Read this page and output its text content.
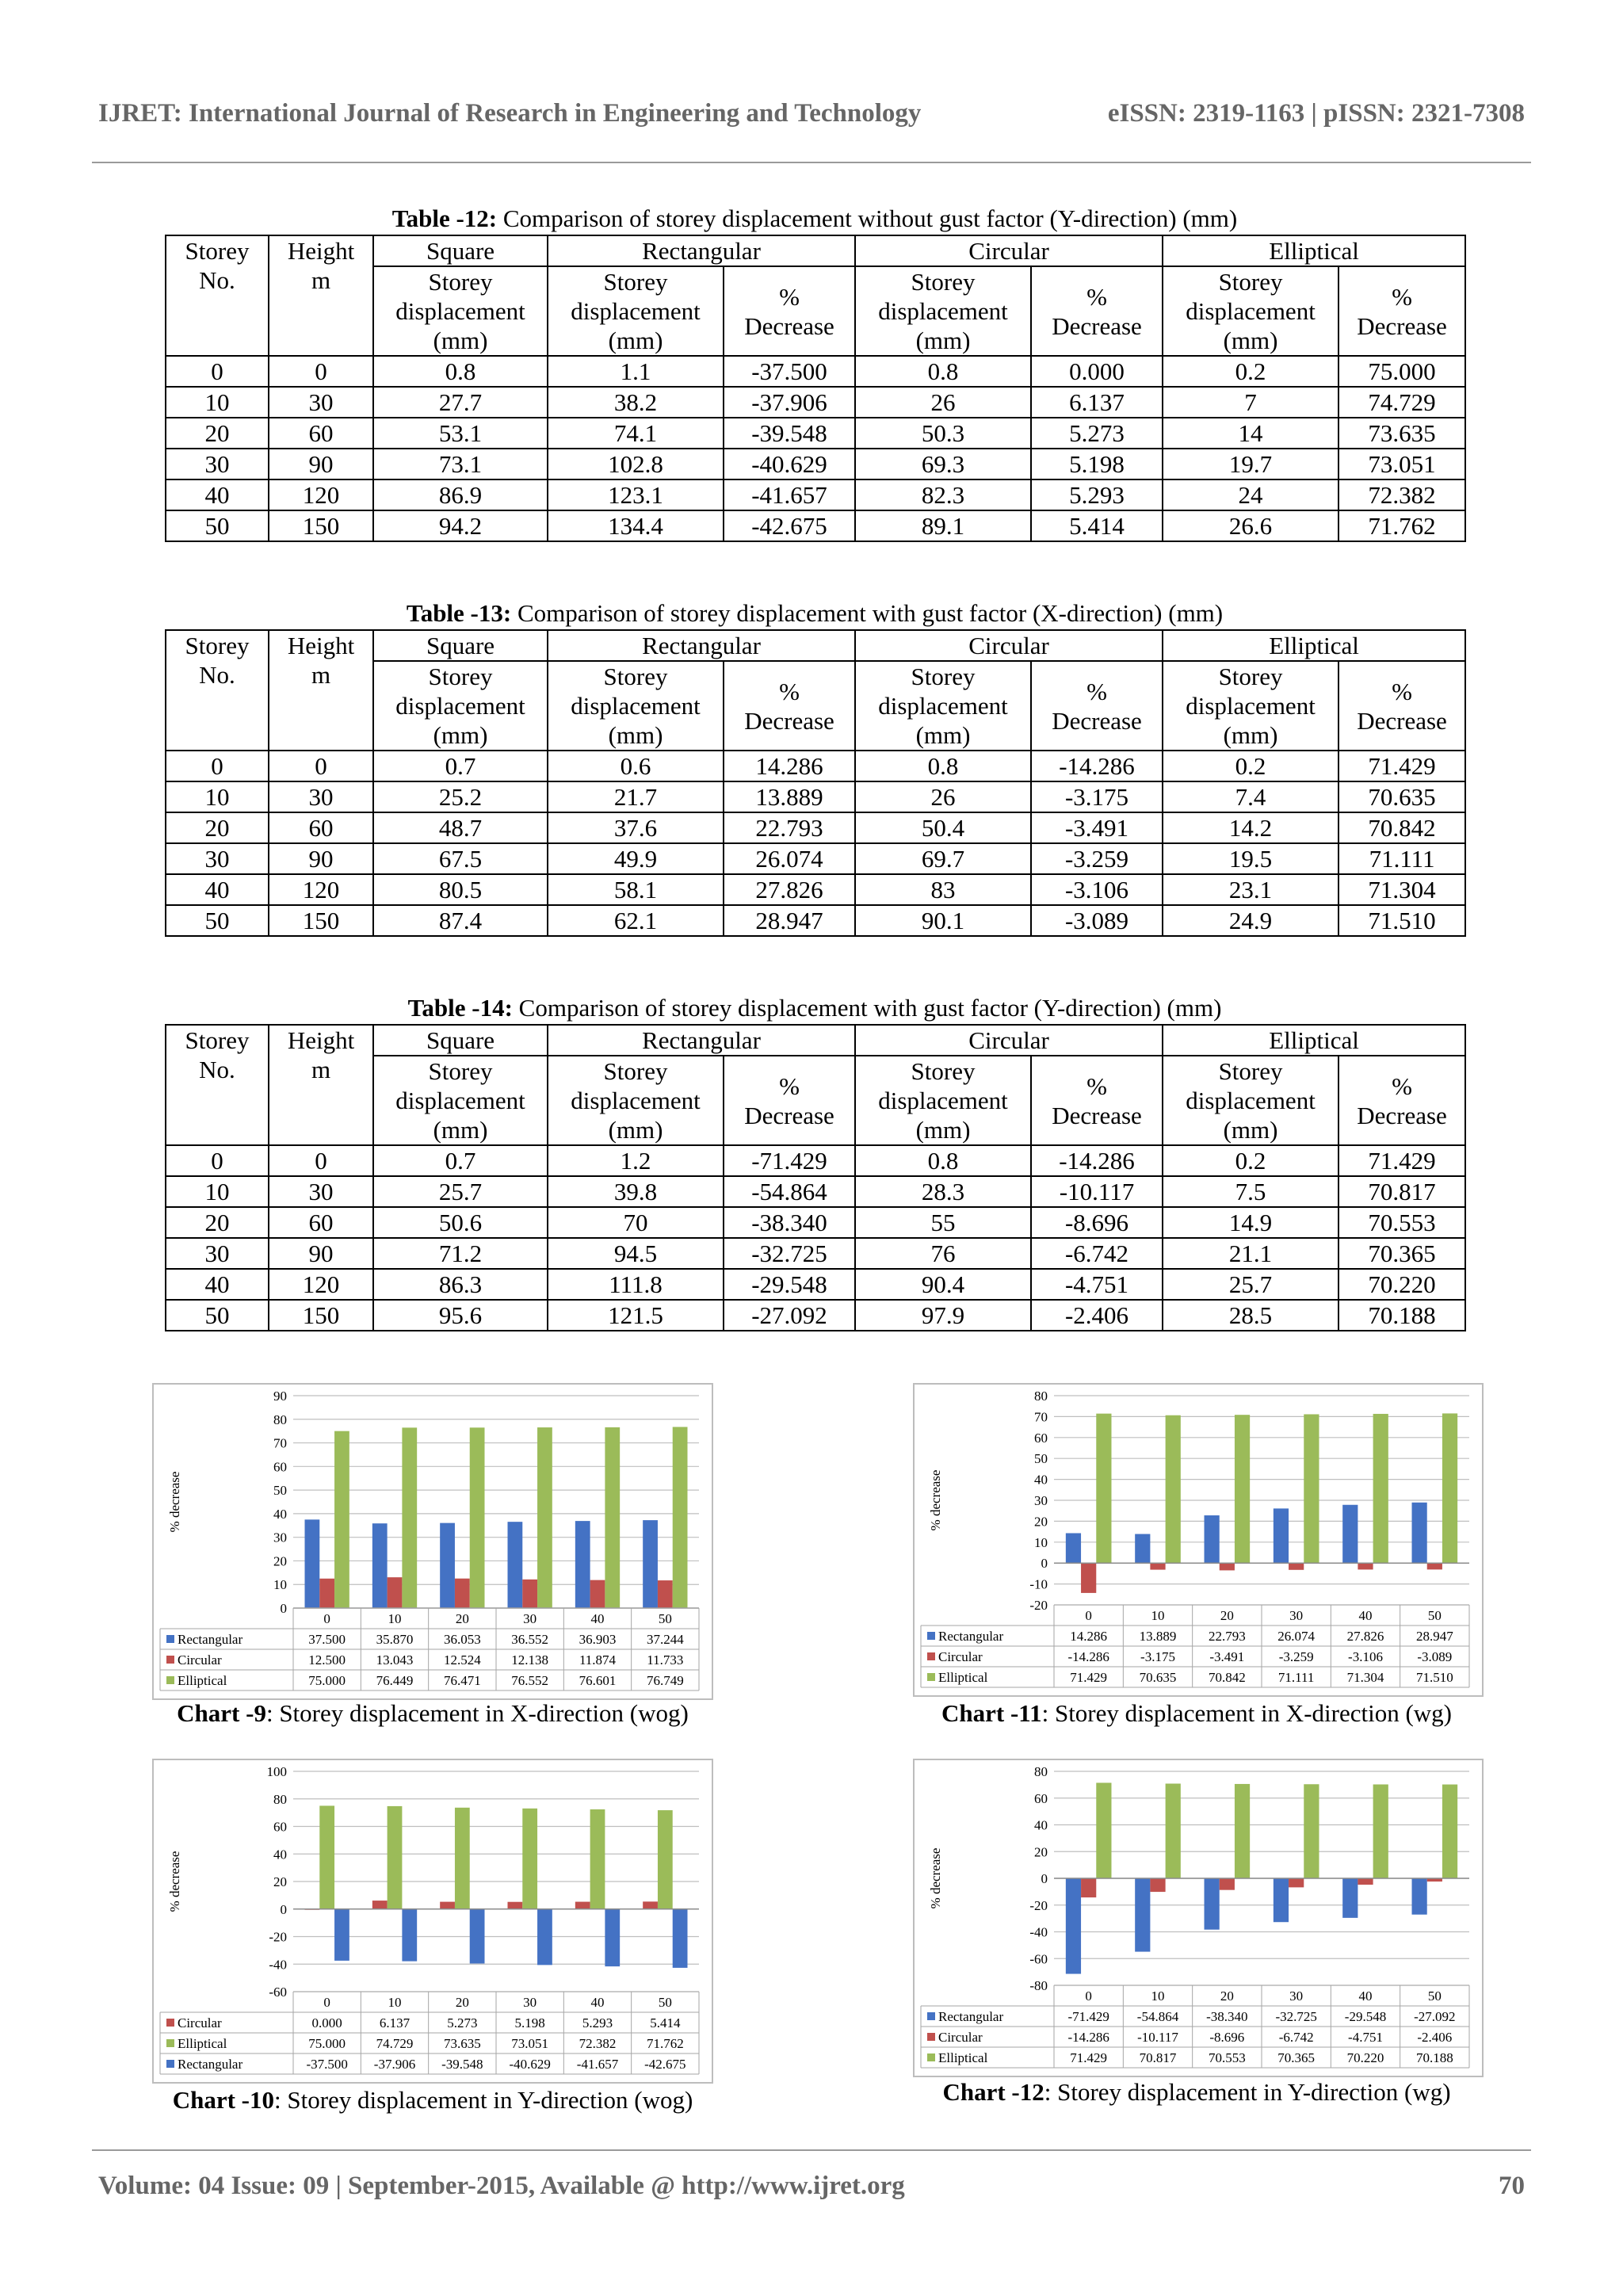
IJRET: International Journal of Research in Engineering and Technology	eISSN: 2319-1163 | pISSN: 2321-7308
Table -12: Comparison of storey displacement without gust factor (Y-direction) (mm)
Storey
No.	Height
m	Square	Rectangular		Circular		Elliptical	
		Storey
displacement
(mm)	Storey
displacement
(mm)	%
Decrease	Storey
displacement
(mm)	%
Decrease	Storey
displacement
(mm)	%
Decrease
0	0	0.8	1.1	-37.500	0.8	0.000	0.2	75.000
10	30	27.7	38.2	-37.906	26	6.137	7	74.729
20	60	53.1	74.1	-39.548	50.3	5.273	14	73.635
30	90	73.1	102.8	-40.629	69.3	5.198	19.7	73.051
40	120	86.9	123.1	-41.657	82.3	5.293	24	72.382
50	150	94.2	134.4	-42.675	89.1	5.414	26.6	71.762
Table -13: Comparison of storey displacement with gust factor (X-direction) (mm)
Storey
No.	Height
m	Square	Rectangular		Circular		Elliptical	
		Storey
displacement
(mm)	Storey
displacement
(mm)	%
Decrease	Storey
displacement
(mm)	%
Decrease	Storey
displacement
(mm)	%
Decrease
0	0	0.7	0.6	14.286	0.8	-14.286	0.2	71.429
10	30	25.2	21.7	13.889	26	-3.175	7.4	70.635
20	60	48.7	37.6	22.793	50.4	-3.491	14.2	70.842
30	90	67.5	49.9	26.074	69.7	-3.259	19.5	71.111
40	120	80.5	58.1	27.826	83	-3.106	23.1	71.304
50	150	87.4	62.1	28.947	90.1	-3.089	24.9	71.510
Table -14: Comparison of storey displacement with gust factor (Y-direction) (mm)
Storey
No.	Height
m	Square	Rectangular		Circular		Elliptical	
		Storey
displacement
(mm)	Storey
displacement
(mm)	%
Decrease	Storey
displacement
(mm)	%
Decrease	Storey
displacement
(mm)	%
Decrease
0	0	0.7	1.2	-71.429	0.8	-14.286	0.2	71.429
10	30	25.7	39.8	-54.864	28.3	-10.117	7.5	70.817
20	60	50.6	70	-38.340	55	-8.696	14.9	70.553
30	90	71.2	94.5	-32.725	76	-6.742	21.1	70.365
40	120	86.3	111.8	-29.548	90.4	-4.751	25.7	70.220
50	150	95.6	121.5	-27.092	97.9	-2.406	28.5	70.188
% decrease
0
10
20
30
40
50
60
70
80
90
0	10	20	30	40	50
Rectangular	37.500 35.870 36.053 36.552 36.903 37.244
Circular	12.500 13.043 12.524 12.138 11.874 11.733
Elliptical	75.000 76.449 76.471 76.552 76.601 76.749
Chart -9: Storey displacement in X-direction (wog)
% decrease
-20
-10
0
10
20
30
40
50
60
70
80
0	10	20	30	40	50
Rectangular	14.286 13.889 22.793 26.074 27.826 28.947
Circular	-14.286 -3.175	-3.491	-3.259	-3.106	-3.089
Elliptical	71.429 70.635 70.842 71.111 71.304 71.510
Chart -11: Storey displacement in X-direction (wg)
% decrease
-60
-40
-20
0
20
40
60
80
100
0	10	20	30	40	50
Circular	0.000	6.137	5.273	5.198	5.293	5.414
Elliptical	75.000 74.729 73.635 73.051 72.382 71.762
Rectangular	-37.500 -37.906 -39.548 -40.629 -41.657 -42.675
Chart -10: Storey displacement in Y-direction (wog)
% decrease
-80
-60
-40
-20
0
20
40
60
80
0	10	20	30	40	50
Rectangular	-71.429 -54.864 -38.340 -32.725 -29.548 -27.092
Circular	-14.286 -10.117 -8.696	-6.742	-4.751	-2.406
Elliptical	71.429 70.817 70.553 70.365 70.220 70.188
Chart -12: Storey displacement in Y-direction (wg)
Volume: 04 Issue: 09 | September-2015, Available @ http://www.ijret.org	70
